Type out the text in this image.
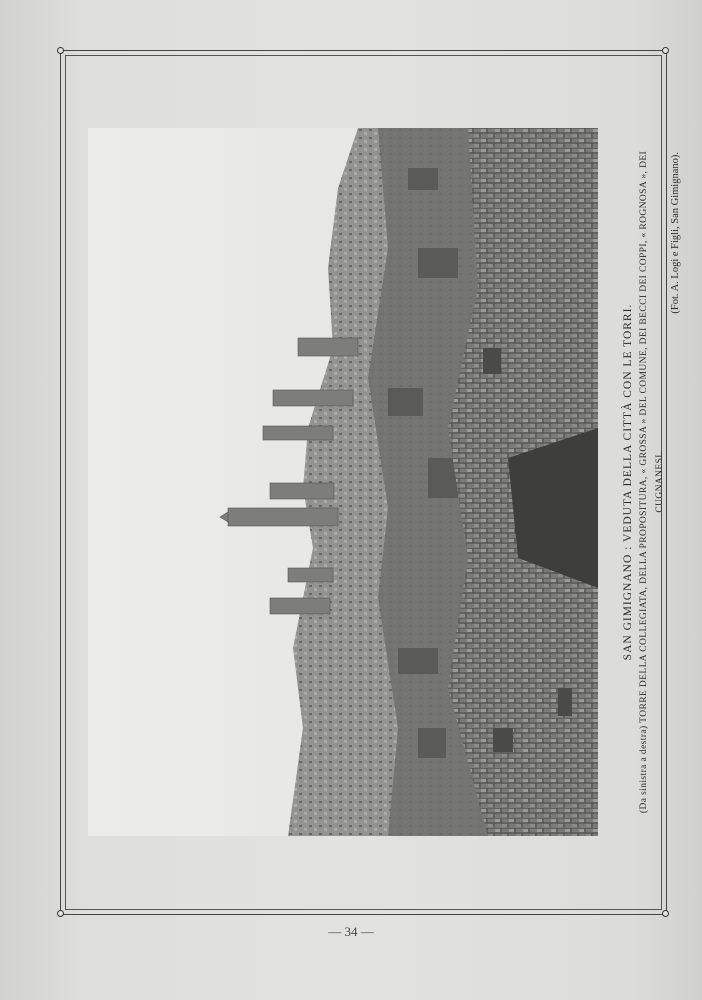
SAN GIMIGNANO : VEDUTA DELLA CITTÀ CON LE TORRI. (Da sinistra a destra) TORRE DELLA COLLEGIATA, DELLA PROPOSITURA, « GROSSA » DEL COMUNE, DEI BECCI DEI COPPI, « ROGNOSA », DEI CUGNANESI.
(Fot. A. Logi e Figli, San Gimignano).
— 34 —
